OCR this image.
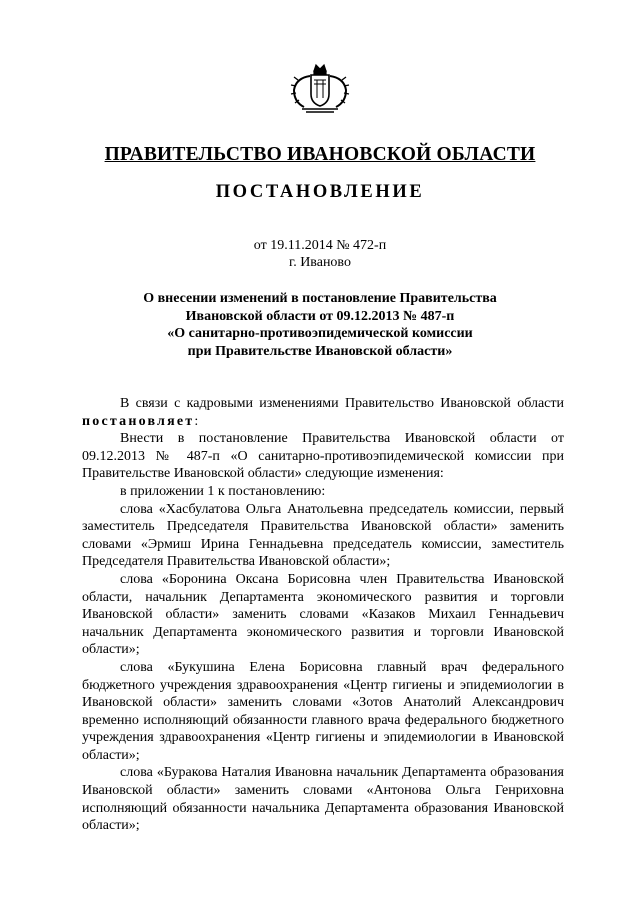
ПРАВИТЕЛЬСТВО ИВАНОВСКОЙ ОБЛАСТИ
ПОСТАНОВЛЕНИЕ
от 19.11.2014 № 472-п
г. Иваново
О внесении изменений в постановление Правительства
Ивановской области от 09.12.2013 № 487-п
«О санитарно-противоэпидемической комиссии
при Правительстве Ивановской области»

В связи с кадровыми изменениями Правительство Ивановской области постановляет:

Внести в постановление Правительства Ивановской области от 09.12.2013 № 487-п «О санитарно-противоэпидемической комиссии при Правительстве Ивановской области» следующие изменения:

в приложении 1 к постановлению:

слова «Хасбулатова Ольга Анатольевна председатель комиссии, первый заместитель Председателя Правительства Ивановской области» заменить словами «Эрмиш Ирина Геннадьевна председатель комиссии, заместитель Председателя Правительства Ивановской области»;

слова «Боронина Оксана Борисовна член Правительства Ивановской области, начальник Департамента экономического развития и торговли Ивановской области» заменить словами «Казаков Михаил Геннадьевич начальник Департамента экономического развития и торговли Ивановской области»;

слова «Букушина Елена Борисовна главный врач федерального бюджетного учреждения здравоохранения «Центр гигиены и эпидемиологии в Ивановской области» заменить словами «Зотов Анатолий Александрович временно исполняющий обязанности главного врача федерального бюджетного учреждения здравоохранения «Центр гигиены и эпидемиологии в Ивановской области»;

слова «Буракова Наталия Ивановна начальник Департамента образования Ивановской области» заменить словами «Антонова Ольга Генриховна исполняющий обязанности начальника Департамента образования Ивановской области»;
